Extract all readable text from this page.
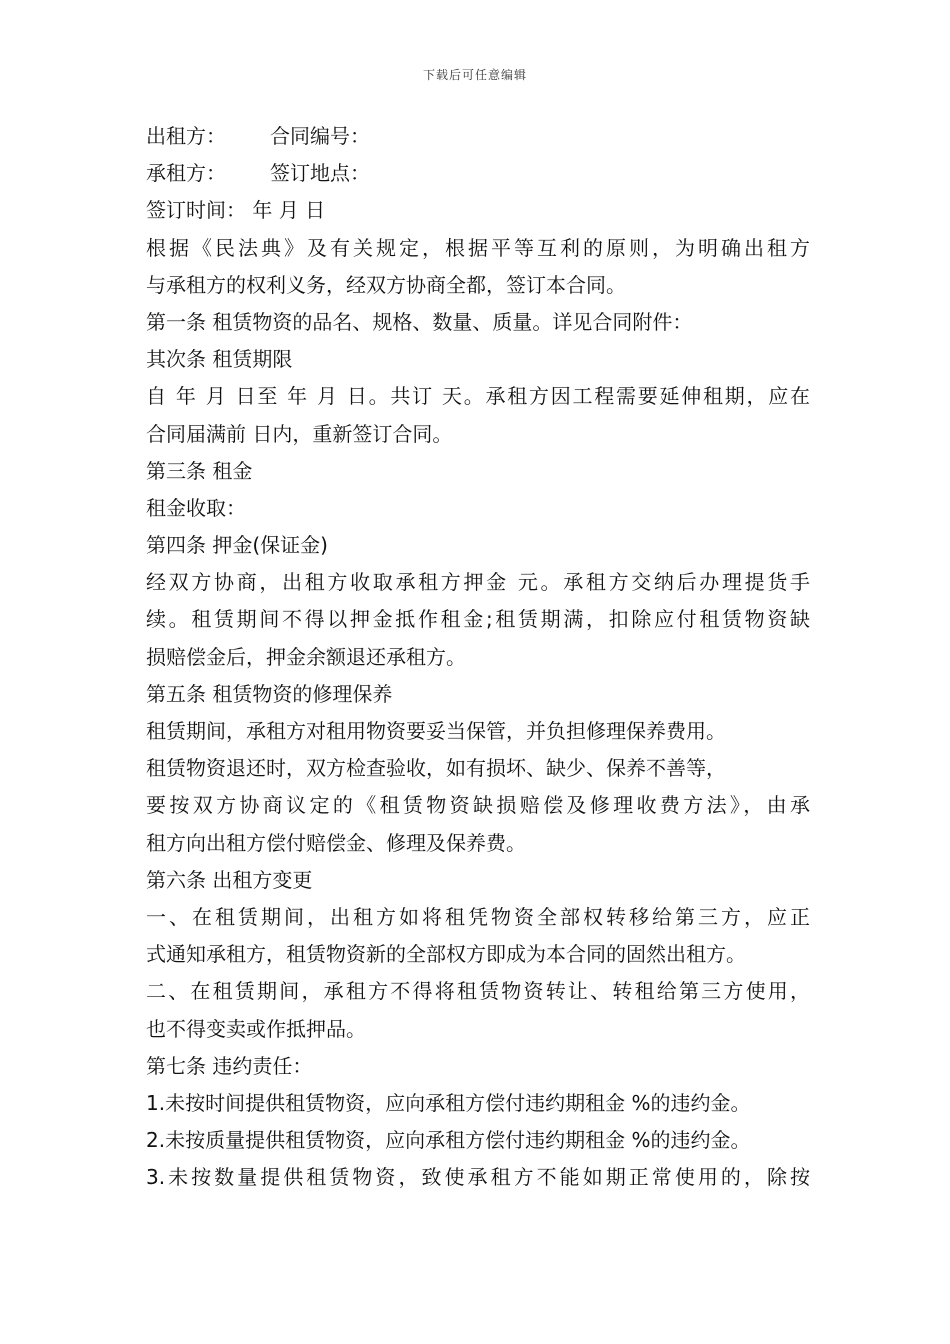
下载后可任意编辑
出租方： 合同编号：
承租方： 签订地点：
签订时间： 年 月 日
根据《民法典》及有关规定，根据平等互利的原则，为明确出租方
与承租方的权利义务，经双方协商全都，签订本合同。
第一条 租赁物资的品名、规格、数量、质量。详见合同附件：
其次条 租赁期限
自 年 月 日至 年 月 日。共订 天。承租方因工程需要延伸租期，应在
合同届满前 日内，重新签订合同。
第三条 租金
租金收取：
第四条 押金(保证金)
经双方协商，出租方收取承租方押金 元。承租方交纳后办理提货手
续。租赁期间不得以押金抵作租金;租赁期满，扣除应付租赁物资缺
损赔偿金后，押金余额退还承租方。
第五条 租赁物资的修理保养
租赁期间，承租方对租用物资要妥当保管，并负担修理保养费用。
租赁物资退还时，双方检查验收，如有损坏、缺少、保养不善等，
要按双方协商议定的《租赁物资缺损赔偿及修理收费方法》，由承
租方向出租方偿付赔偿金、修理及保养费。
第六条 出租方变更
一、在租赁期间，出租方如将租凭物资全部权转移给第三方，应正
式通知承租方，租赁物资新的全部权方即成为本合同的固然出租方。
二、在租赁期间，承租方不得将租赁物资转让、转租给第三方使用，
也不得变卖或作抵押品。
第七条 违约责任：
1.未按时间提供租赁物资，应向承租方偿付违约期租金 %的违约金。
2.未按质量提供租赁物资，应向承租方偿付违约期租金 %的违约金。
3.未按数量提供租赁物资，致使承租方不能如期正常使用的，除按
